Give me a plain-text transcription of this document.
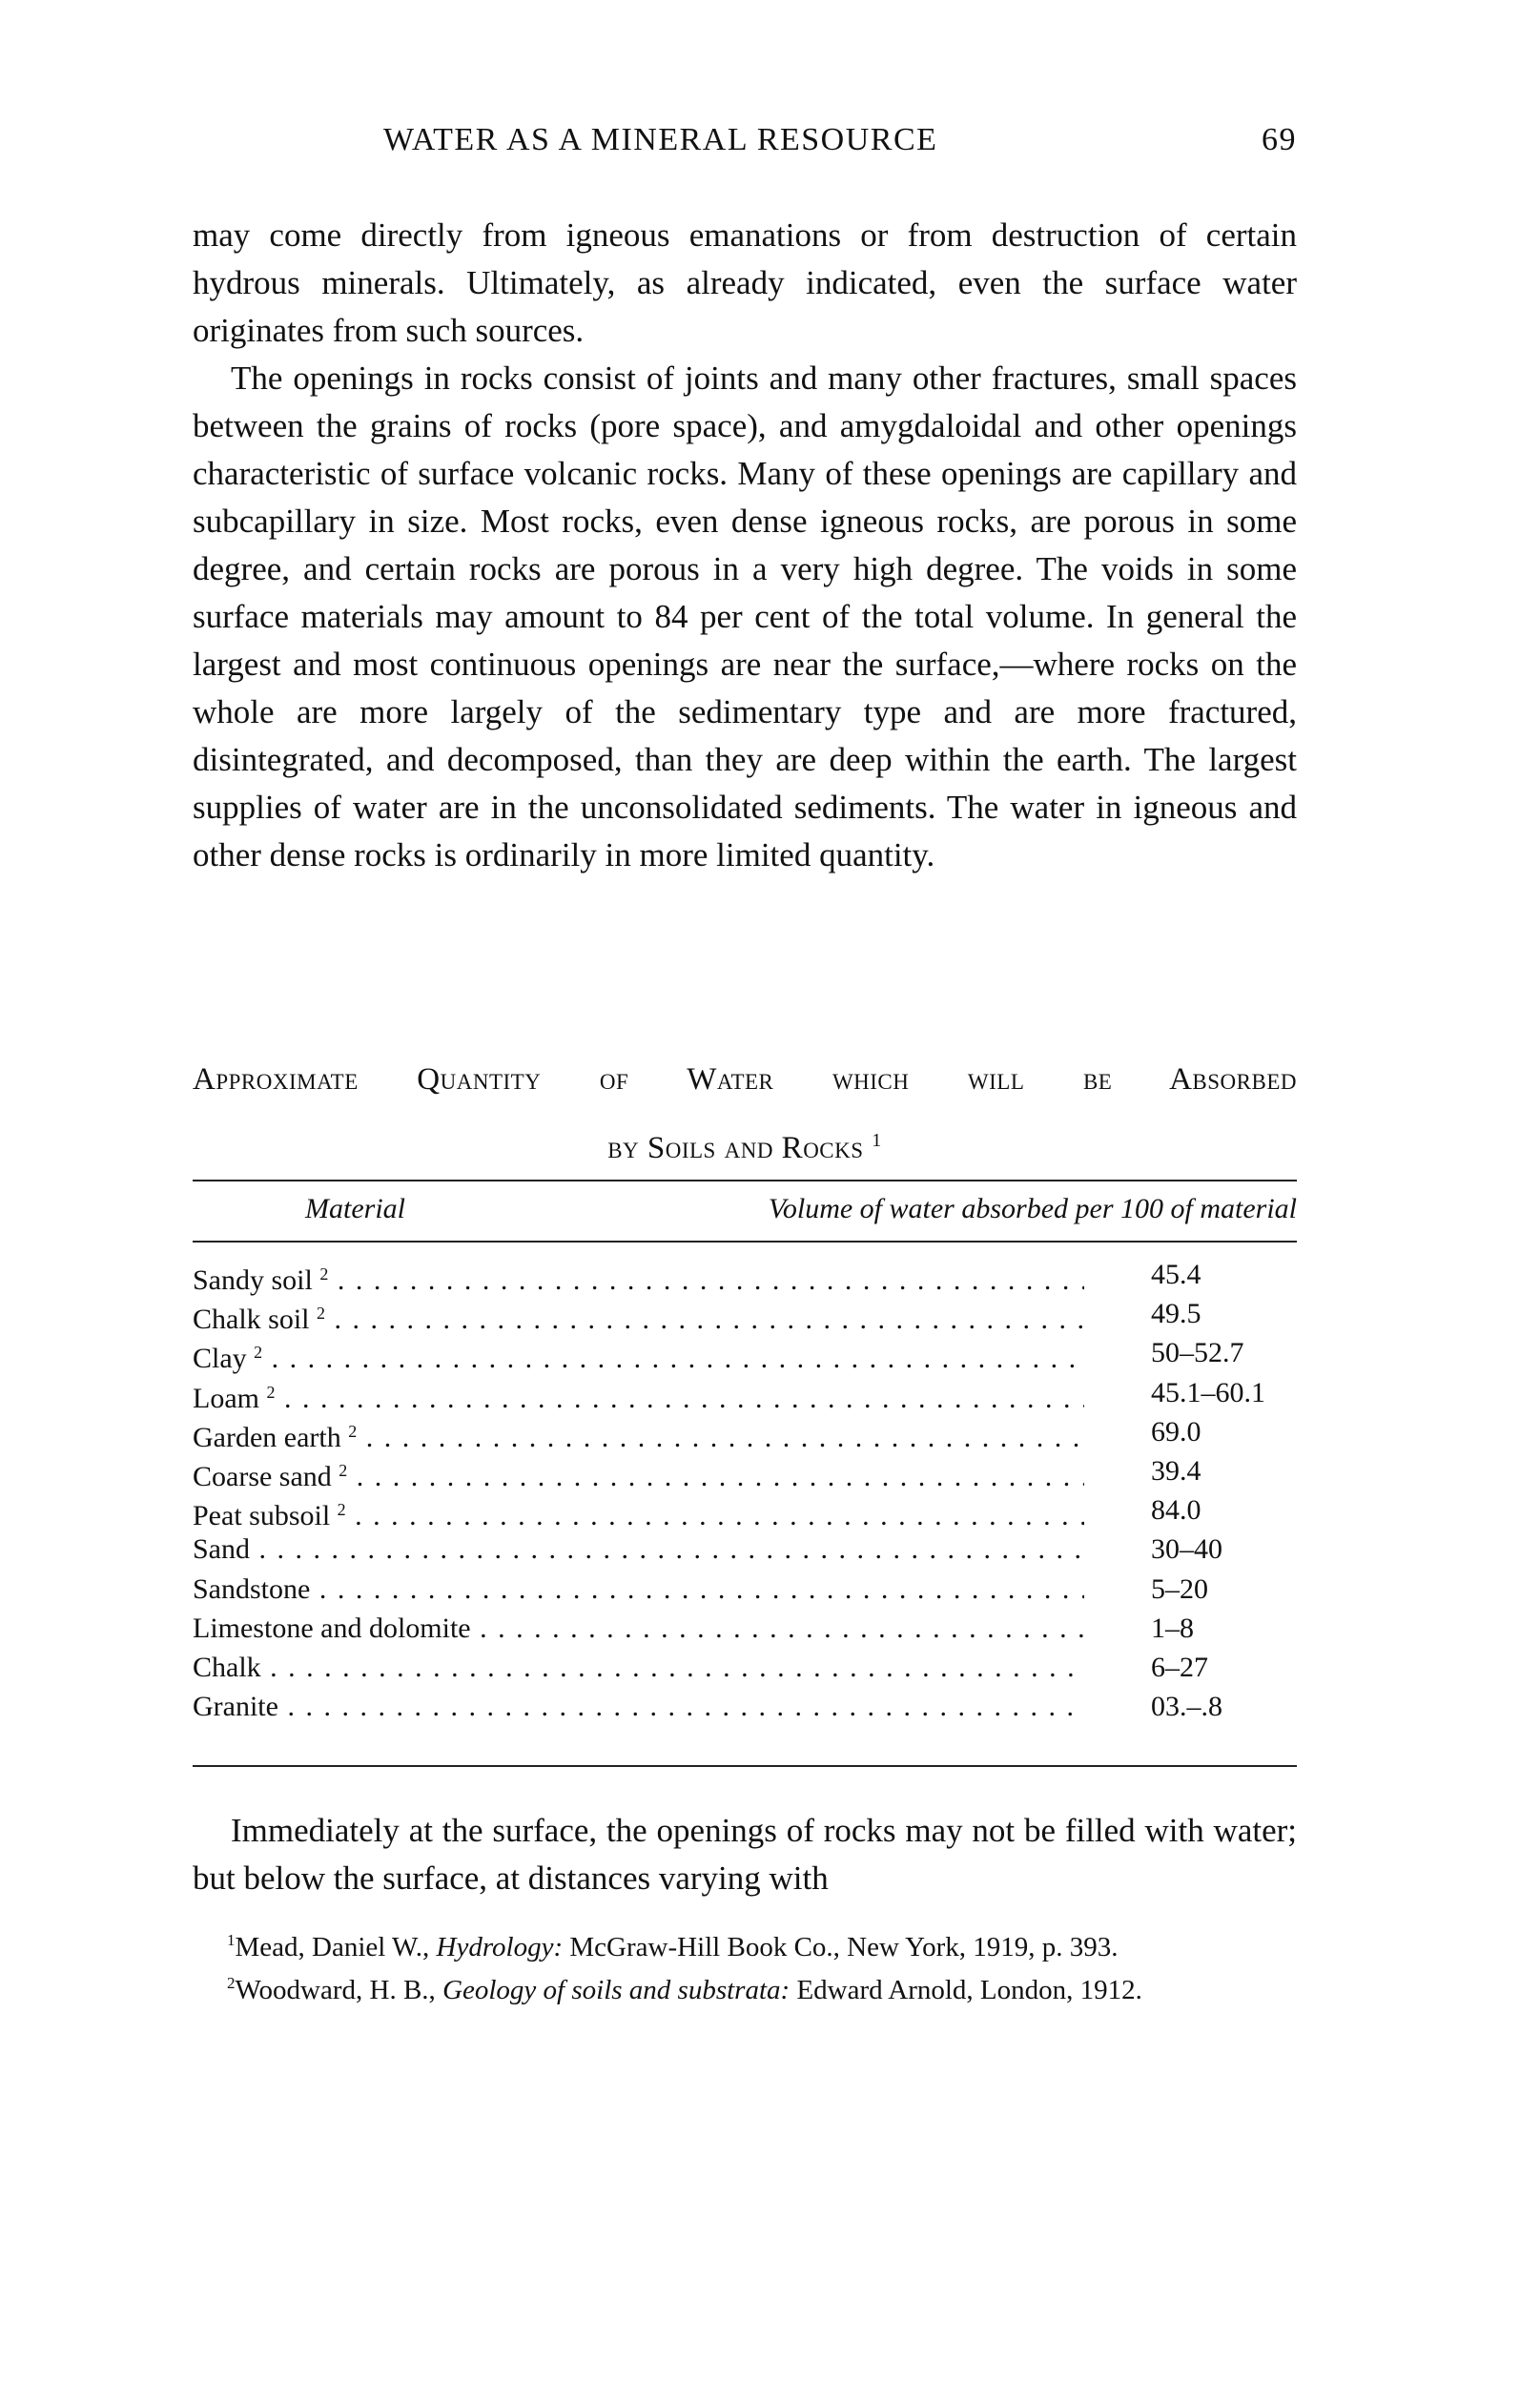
WATER AS A MINERAL RESOURCE	69

may come directly from igneous emanations or from destruction of certain hydrous minerals. Ultimately, as already indicated, even the surface water originates from such sources.

The openings in rocks consist of joints and many other fractures, small spaces between the grains of rocks (pore space), and amygdaloidal and other openings characteristic of surface volcanic rocks. Many of these openings are capillary and subcapillary in size. Most rocks, even dense igneous rocks, are porous in some degree, and certain rocks are porous in a very high degree. The voids in some surface materials may amount to 84 per cent of the total volume. In general the largest and most continuous openings are near the surface,—where rocks on the whole are more largely of the sedimentary type and are more fractured, disintegrated, and decomposed, than they are deep within the earth. The largest supplies of water are in the unconsolidated sediments. The water in igneous and other dense rocks is ordinarily in more limited quantity.

Approximate Quantity of Water which will be Absorbed
by Soils and Rocks $^1$
Material	Volume of water absorbed per 100 of material
Sandy soil $^2$ . . .	45.4
Chalk soil $^2$ . . .	49.5
Clay $^2$ . . .	50–52.7
Loam $^2$ . . .	45.1–60.1
Garden earth $^2$ . . .	69.0
Coarse sand $^2$ . . .	39.4
Peat subsoil $^2$ . . .	84.0
Sand . . .	30–40
Sandstone . . .	5–20
Limestone and dolomite . . .	1–8
Chalk . . .	6–27
Granite . . .	03.–.8

Immediately at the surface, the openings of rocks may not be filled with water; but below the surface, at distances varying with

$^1$Mead, Daniel W., Hydrology: McGraw-Hill Book Co., New York, 1919, p. 393.

$^2$Woodward, H. B., Geology of soils and substrata: Edward Arnold, London, 1912.
